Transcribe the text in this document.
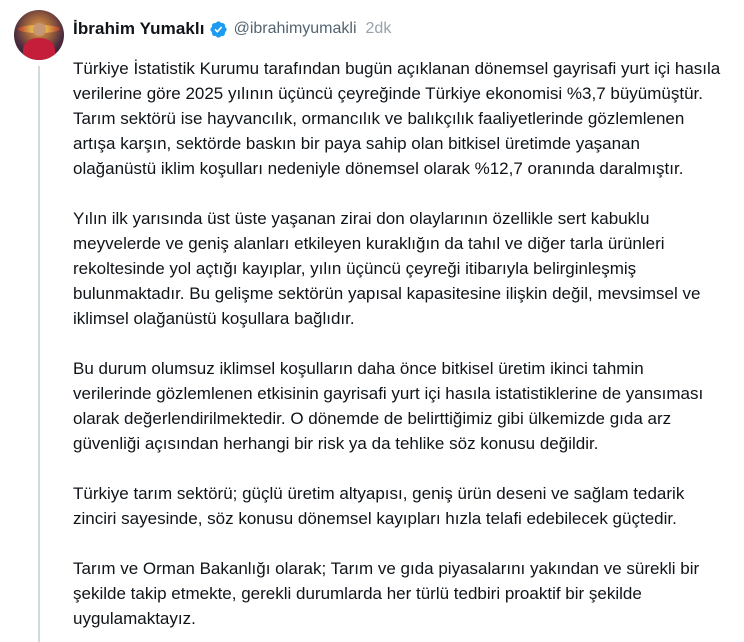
İbrahim Yumaklı @ibrahimyumakli 2dk

Türkiye İstatistik Kurumu tarafından bugün açıklanan dönemsel gayrisafi yurt içi hasıla verilerine göre 2025 yılının üçüncü çeyreğinde Türkiye ekonomisi %3,7 büyümüştür. Tarım sektörü ise hayvancılık, ormancılık ve balıkçılık faaliyetlerinde gözlemlenen artışa karşın, sektörde baskın bir paya sahip olan bitkisel üretimde yaşanan olağanüstü iklim koşulları nedeniyle dönemsel olarak %12,7 oranında daralmıştır.

Yılın ilk yarısında üst üste yaşanan zirai don olaylarının özellikle sert kabuklu meyvelerde ve geniş alanları etkileyen kuraklığın da tahıl ve diğer tarla ürünleri rekoltesinde yol açtığı kayıplar, yılın üçüncü çeyreği itibarıyla belirginleşmiş bulunmaktadır. Bu gelişme sektörün yapısal kapasitesine ilişkin değil, mevsimsel ve iklimsel olağanüstü koşullara bağlıdır.

Bu durum olumsuz iklimsel koşulların daha önce bitkisel üretim ikinci tahmin verilerinde gözlemlenen etkisinin gayrisafi yurt içi hasıla istatistiklerine de yansıması olarak değerlendirilmektedir. O dönemde de belirttiğimiz gibi ülkemizde gıda arz güvenliği açısından herhangi bir risk ya da tehlike söz konusu değildir.

Türkiye tarım sektörü; güçlü üretim altyapısı, geniş ürün deseni ve sağlam tedarik zinciri sayesinde, söz konusu dönemsel kayıpları hızla telafi edebilecek güçtedir.

Tarım ve Orman Bakanlığı olarak; Tarım ve gıda piyasalarını yakından ve sürekli bir şekilde takip etmekte, gerekli durumlarda her türlü tedbiri proaktif bir şekilde uygulamaktayız.
